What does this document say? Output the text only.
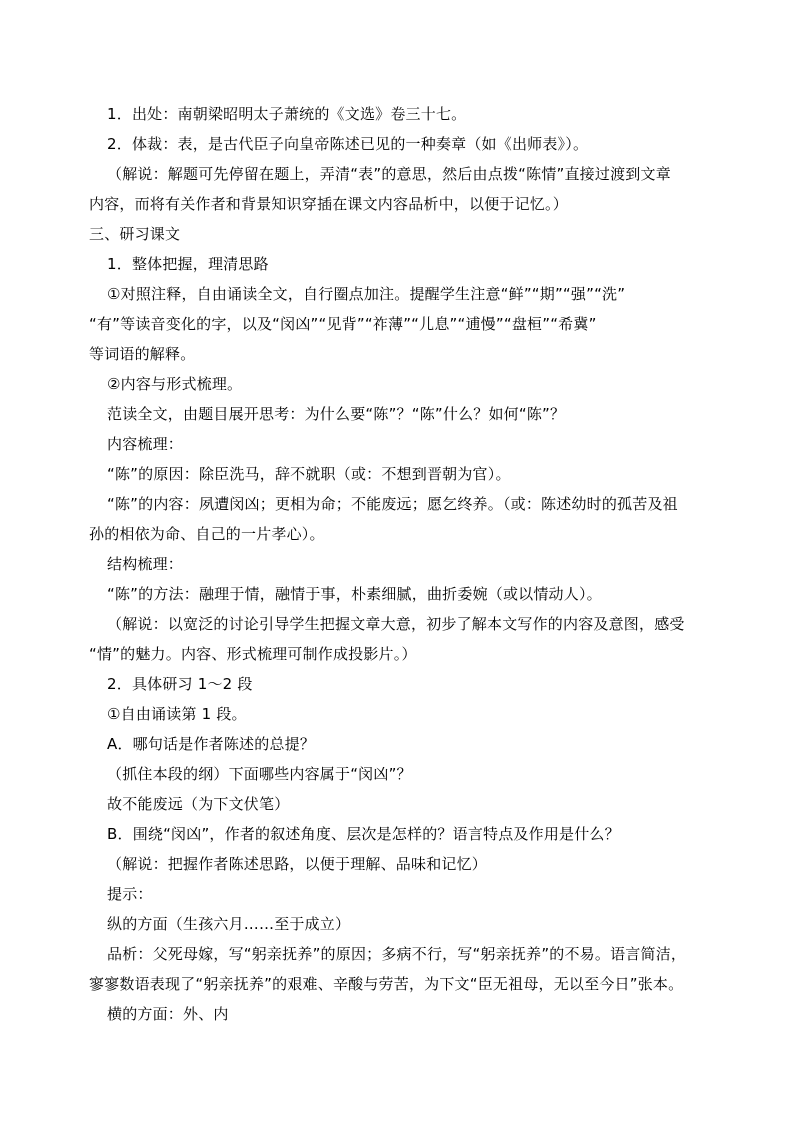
1．出处：南朝梁昭明太子萧统的《文选》卷三十七。
2．体裁：表，是古代臣子向皇帝陈述已见的一种奏章（如《出师表》）。
（解说：解题可先停留在题上，弄清“表”的意思，然后由点拨“陈情”直接过渡到文章
内容，而将有关作者和背景知识穿插在课文内容品析中，以便于记忆。）
三、研习课文
1．整体把握，理清思路
①对照注释，自由诵读全文，自行圈点加注。提醒学生注意“鲜”“期”“强”“洗”
“有”等读音变化的字，以及“闵凶”“见背”“祚薄”“儿息”“逋慢”“盘桓”“希冀”
等词语的解释。
②内容与形式梳理。
范读全文，由题目展开思考：为什么要“陈”？“陈”什么？如何“陈”？
内容梳理：
“陈”的原因：除臣洗马，辞不就职（或：不想到晋朝为官）。
“陈”的内容：夙遭闵凶；更相为命；不能废远；愿乞终养。（或：陈述幼时的孤苦及祖
孙的相依为命、自己的一片孝心）。
结构梳理：
“陈”的方法：融理于情，融情于事，朴素细腻，曲折委婉（或以情动人）。
（解说：以宽泛的讨论引导学生把握文章大意，初步了解本文写作的内容及意图，感受
“情”的魅力。内容、形式梳理可制作成投影片。）
2．具体研习 1～2 段
①自由诵读第 1 段。
A．哪句话是作者陈述的总提？
（抓住本段的纲）下面哪些内容属于“闵凶”？
故不能废远（为下文伏笔）
B．围绕“闵凶”，作者的叙述角度、层次是怎样的？语言特点及作用是什么？
（解说：把握作者陈述思路，以便于理解、品味和记忆）
提示：
纵的方面（生孩六月……至于成立）
品析：父死母嫁，写“躬亲抚养”的原因；多病不行，写“躬亲抚养”的不易。语言简洁，
寥寥数语表现了“躬亲抚养”的艰难、辛酸与劳苦，为下文“臣无祖母，无以至今日”张本。
横的方面：外、内
